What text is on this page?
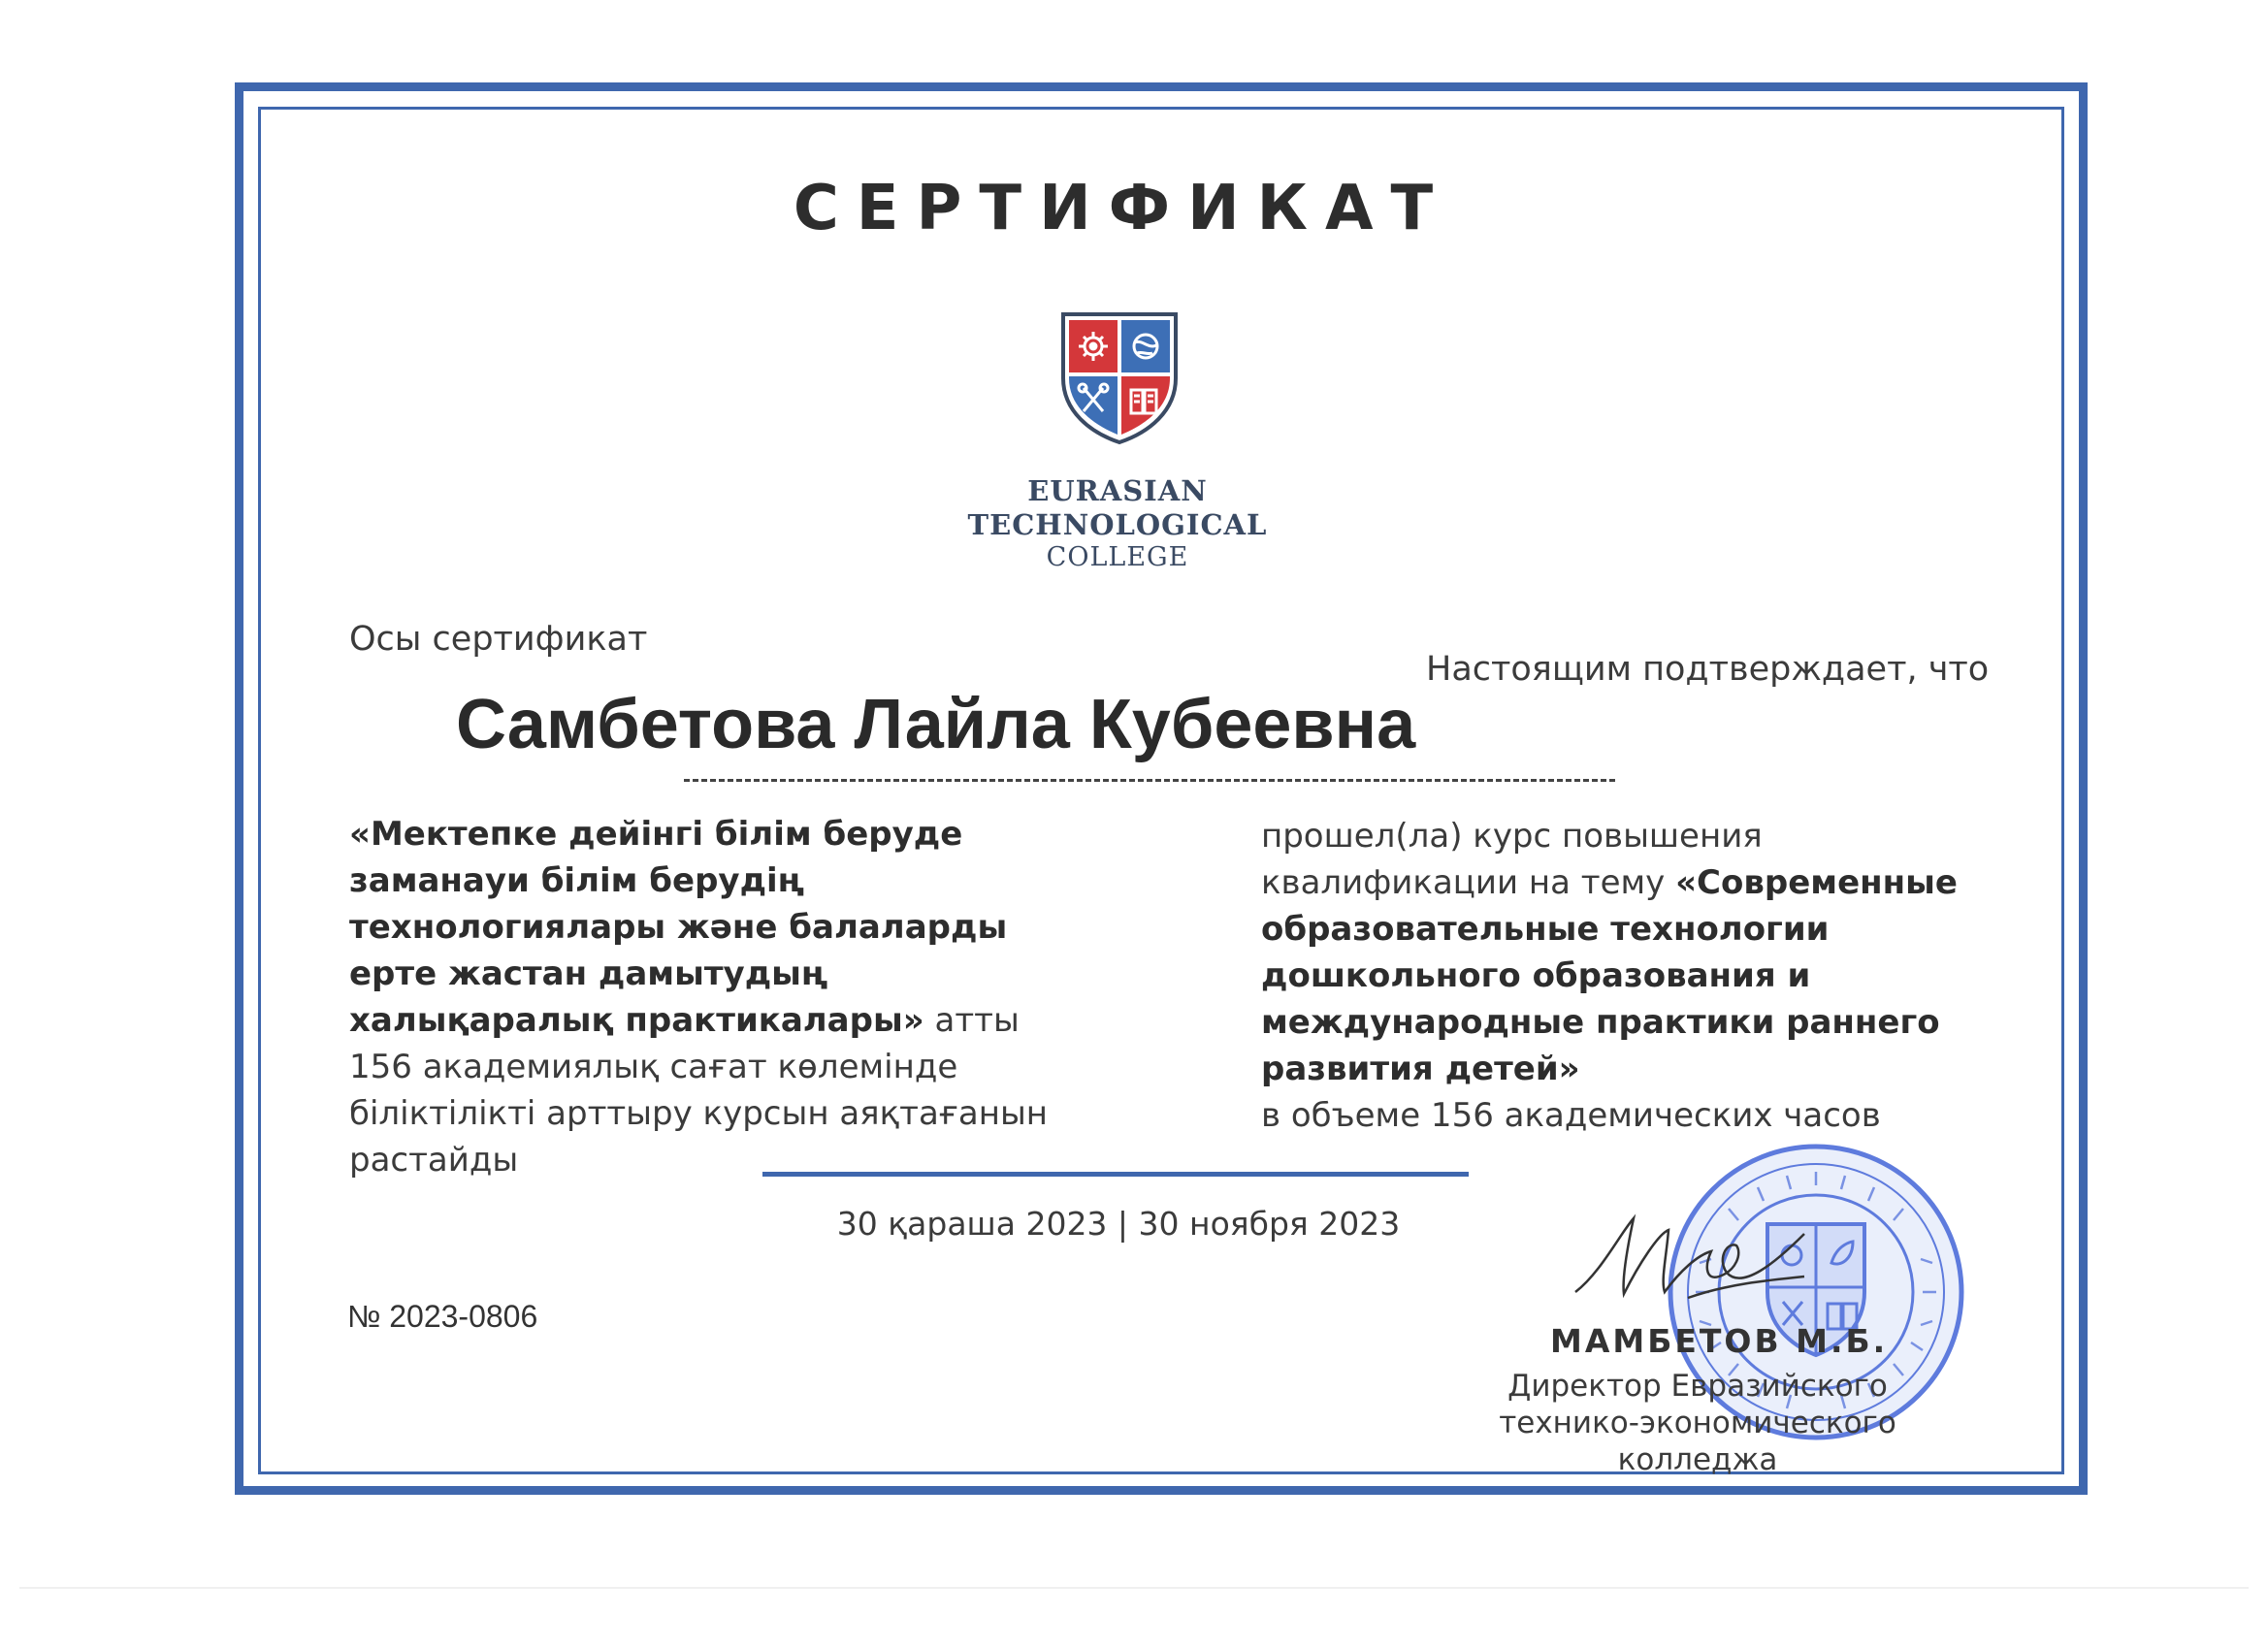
СЕРТИФИКАТ
EURASIAN
TECHNOLOGICAL
COLLEGE
Осы сертификат
Настоящим подтверждает, что
Самбетова Лайла Кубеевна
«Мектепке дейінгі білім беруде заманауи білім берудің технологиялары және балаларды ерте жастан дамытудың халықаралық практикалары» атты 156 академиялық сағат көлемінде біліктілікті арттыру курсын аяқтағанын растайды
прошел(ла) курс повышения квалификации на тему «Современные образовательные технологии дошкольного образования и международные практики раннего развития детей»
в объеме 156 академических часов
30 қараша 2023 | 30 ноября 2023
№ 2023-0806
МАМБЕТОВ М.Б.
Директор Евразийского технико-экономического колледжа
